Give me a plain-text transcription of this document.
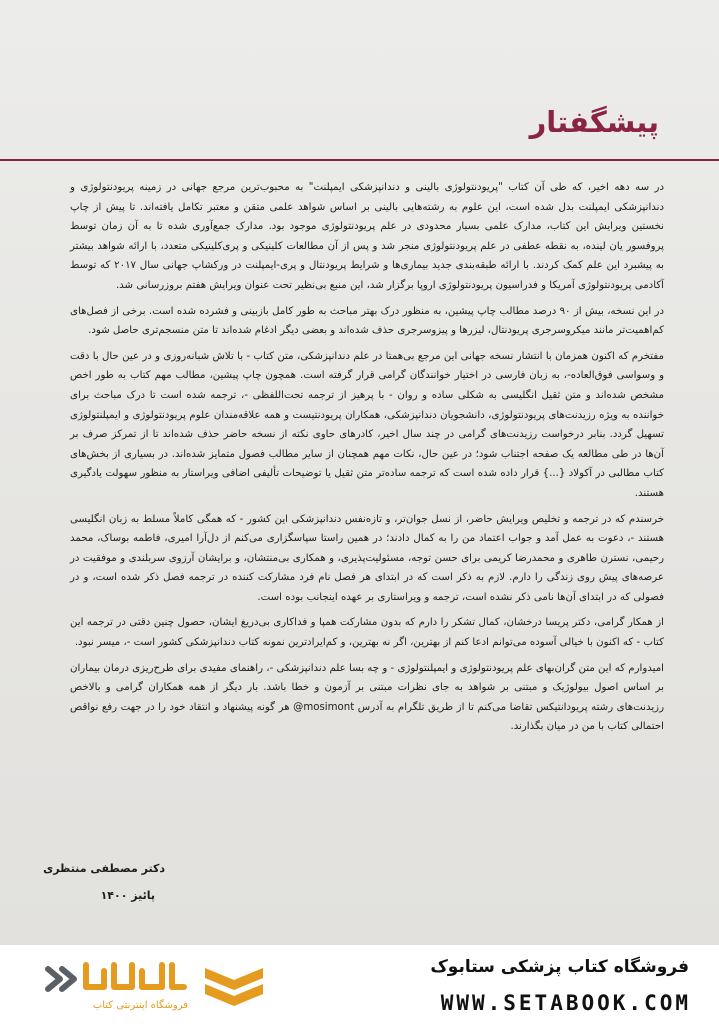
پیشگفتار

در سه دهه اخیر، که طی آن کتاب "پریودنتولوژی بالینی و دندانپزشکی ایمپلنت" به محبوب‌ترین مرجع جهانی در زمینه پریودنتولوژی و دندانپزشکی ایمپلنت بدل شده است، این علوم به رشته‌هایی بالینی بر اساس شواهد علمی متقن و معتبر تکامل یافته‌اند. تا پیش از چاپ نخستین ویرایش این کتاب، مدارک علمی بسیار محدودی در علم پریودنتولوژی موجود بود. مدارک جمع‌آوری شده تا به آن زمان توسط پروفسور یان لینده، به نقطه عطفی در علم پریودنتولوژی منجر شد و پس از آن مطالعات کلینیکی و پری‌کلینیکی متعدد، با ارائه شواهد بیشتر به پیشبرد این علم کمک کردند. با ارائه طبقه‌بندی جدید بیماری‌ها و شرایط پریودنتال و پری-ایمپلنت در ورکشاپ جهانی سال ۲۰۱۷ که توسط آکادمی پریودنتولوژی آمریکا و فدراسیون پریودنتولوژی اروپا برگزار شد، این منبع بی‌نظیر تحت عنوان ویرایش هفتم بروزرسانی شد.

در این نسخه، بیش از ۹۰ درصد مطالب چاپ پیشین، به منظور درک بهتر مباحث به طور کامل بازبینی و فشرده شده است. برخی از فصل‌های کم‌اهمیت‌تر مانند میکروسرجری پریودنتال، لیزرها و پیزوسرجری حذف شده‌اند و بعضی دیگر ادغام شده‌اند تا متن منسجم‌تری حاصل شود.

مفتخرم که اکنون همزمان با انتشار نسخه جهانی این مرجع بی‌همتا در علم دندانپزشکی، متن کتاب - با تلاش شبانه‌روزی و در عین حال با دقت و وسواسی فوق‌العاده-، به زبان فارسی در اختیار خوانندگان گرامی قرار گرفته است. همچون چاپ پیشین، مطالب مهم کتاب به طور اخص مشخص شده‌اند و متن ثقیل انگلیسی به شکلی ساده و روان - با پرهیز از ترجمه تحت‌اللفظی -، ترجمه شده است تا درک مباحث برای خواننده به ویژه رزیدنت‌های پریودنتولوژی، دانشجویان دندانپزشکی، همکاران پریودنتیست و همه علاقه‌مندان علوم پریودنتولوژی و ایمپلنتولوژی تسهیل گردد. بنابر درخواست رزیدنت‌های گرامی در چند سال اخیر، کادرهای حاوی نکته از نسخه حاضر حذف شده‌اند تا از تمرکز صرف بر آن‌ها در طی مطالعه یک صفحه اجتناب شود؛ در عین حال، نکات مهم همچنان از سایر مطالب فصول متمایز شده‌اند. در بسیاری از بخش‌های کتاب مطالبی در آکولاد {...} قرار داده شده است که ترجمه ساده‌تر متن ثقیل یا توضیحات تألیفی اضافی ویراستار به منظور سهولت یادگیری هستند.

خرسندم که در ترجمه و تخلیص ویرایش حاضر، از نسل جوان‌تر، و تازه‌نفس دندانپزشکی این کشور - که همگی کاملاً مسلط به زبان انگلیسی هستند -، دعوت به عمل آمد و جواب اعتماد من را به کمال دادند؛ در همین راستا سپاسگزاری می‌کنم از دل‌آرا امیری، فاطمه بوساک، محمد رحیمی، نسترن طاهری و محمدرضا کریمی برای حسن توجه، مسئولیت‌پذیری، و همکاری بی‌منتشان، و برایشان آرزوی سربلندی و موفقیت در عرصه‌های پیش روی زندگی را دارم. لازم به ذکر است که در ابتدای هر فصل نام فرد مشارکت کننده در ترجمه فصل ذکر شده است، و در فصولی که در ابتدای آن‌ها نامی ذکر نشده است، ترجمه و ویراستاری بر عهده اینجانب بوده است.

از همکار گرامی، دکتر پریسا درخشان، کمال تشکر را دارم که بدون مشارکت همپا و فداکاری بی‌دریغ ایشان، حصول چنین دقتی در ترجمه این کتاب - که اکنون با خیالی آسوده می‌توانم ادعا کنم از بهترین، اگر نه بهترین، و کم‌ایرادترین نمونه کتاب دندانپزشکی کشور است -، میسر نبود.

امیدوارم که این متن گران‌بهای علم پریودنتولوژی و ایمپلنتولوژی - و چه بسا علم دندانپزشکی -، راهنمای مفیدی برای طرح‌ریزی درمان بیماران بر اساس اصول بیولوژیک و مبتنی بر شواهد به جای نظرات مبتنی بر آزمون و خطا باشد. بار دیگر از همه همکاران گرامی و بالاخص رزیدنت‌های رشته پریودانتیکس تقاضا می‌کنم تا از طریق تلگرام به آدرس mosimont@ هر گونه پیشنهاد و انتقاد خود را در جهت رفع نواقص احتمالی کتاب با من در میان بگذارند.

دکتر مصطفی منتظری
پائیز ۱۴۰۰
فروشگاه کتاب پزشکی ستابوک
WWW.SETABOOK.COM
فروشگاه اینترنتی کتاب
